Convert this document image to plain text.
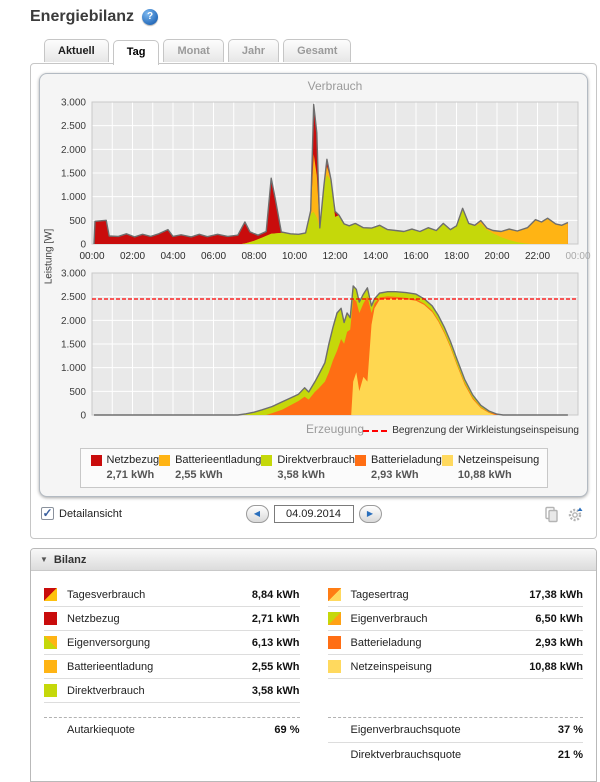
Energiebilanz	?
Aktuell	Tag	Monat	Jahr	Gesamt
Verbrauch
Leistung [W]
3.000
2.500
2.000
1.500
1.000
500
0
00:00	02:00	04:00	06:00	08:00	10:00	12:00	14:00	16:00	18:00	20:00	22:00	00:00
3.000
2.500
2.000
1.500
1.000
500
0
Erzeugung	Begrenzung der Wirkleistungseinspeisung
Netzbezug
2,71 kWh
Batterieentladung
2,55 kWh
Direktverbrauch
3,58 kWh
Batterieladung
2,93 kWh
Netzeinspeisung
10,88 kWh
✓ Detailansicht	◀
04.09.2014	▶
▼ Bilanz
Tagesverbrauch	8,84 kWh
Netzbezug	2,71 kWh
Eigenversorgung	6,13 kWh
Batterieentladung	2,55 kWh
Direktverbrauch	3,58 kWh
Autarkiequote	69 %
Tagesertrag	17,38 kWh
Eigenverbrauch	6,50 kWh
Batterieladung	2,93 kWh
Netzeinspeisung	10,88 kWh
Eigenverbrauchsquote	37 %
Direktverbrauchsquote	21 %
